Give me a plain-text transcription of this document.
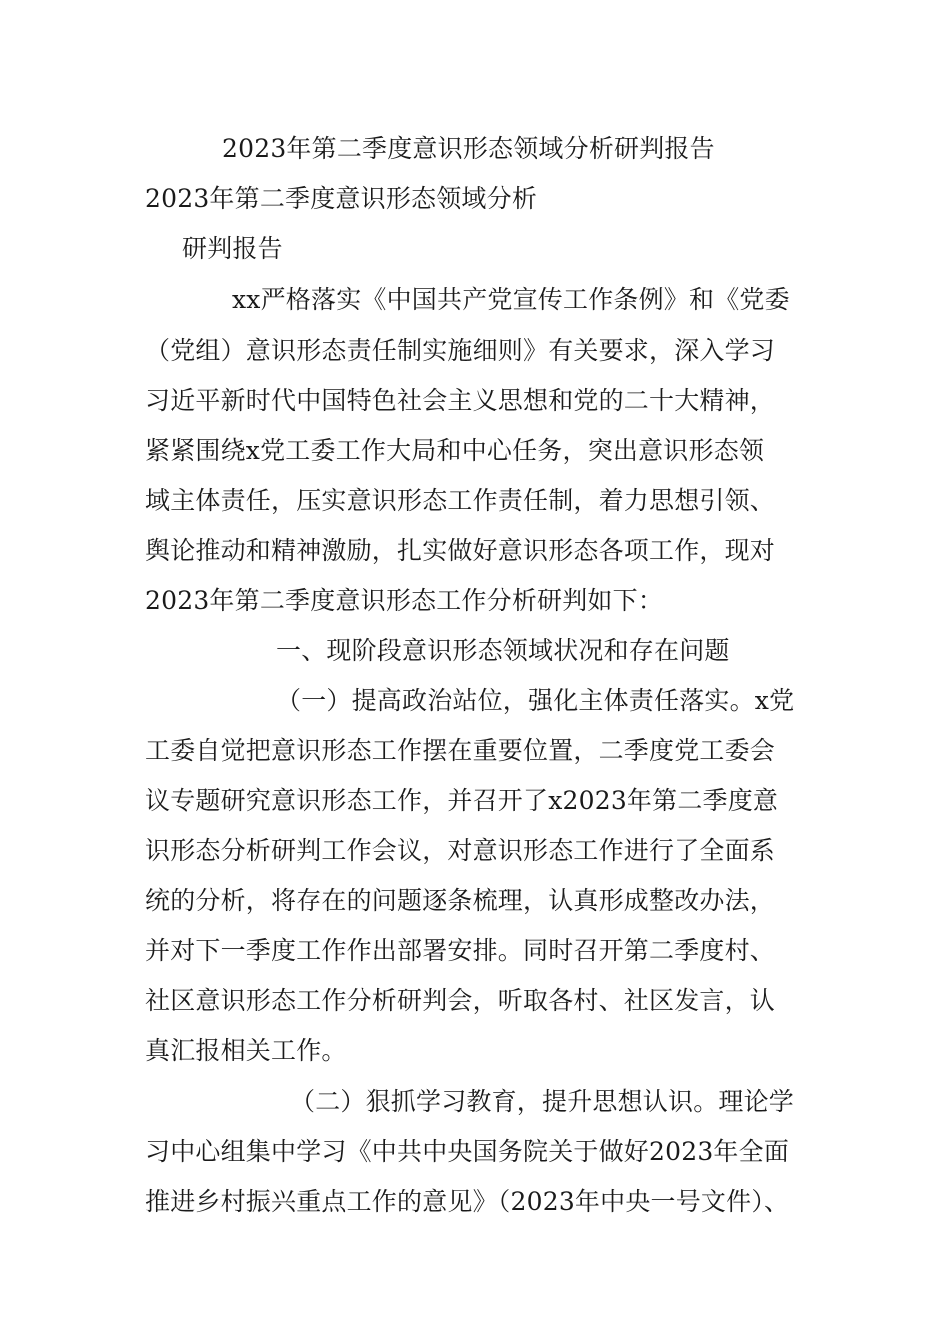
2023年第二季度意识形态领域分析研判报告
2023年第二季度意识形态领域分析
研判报告
xx严格落实《中国共产党宣传工作条例》和《党委
（党组）意识形态责任制实施细则》有关要求，深入学习
习近平新时代中国特色社会主义思想和党的二十大精神，
紧紧围绕x党工委工作大局和中心任务，突出意识形态领
域主体责任，压实意识形态工作责任制，着力思想引领、
舆论推动和精神激励，扎实做好意识形态各项工作，现对
2023年第二季度意识形态工作分析研判如下：
一、现阶段意识形态领域状况和存在问题
（一）提高政治站位，强化主体责任落实。x党
工委自觉把意识形态工作摆在重要位置，二季度党工委会
议专题研究意识形态工作，并召开了x2023年第二季度意
识形态分析研判工作会议，对意识形态工作进行了全面系
统的分析，将存在的问题逐条梳理，认真形成整改办法，
并对下一季度工作作出部署安排。同时召开第二季度村、
社区意识形态工作分析研判会，听取各村、社区发言，认
真汇报相关工作。
（二）狠抓学习教育，提升思想认识。理论学
习中心组集中学习《中共中央国务院关于做好2023年全面
推进乡村振兴重点工作的意见》（2023年中央一号文件）、
